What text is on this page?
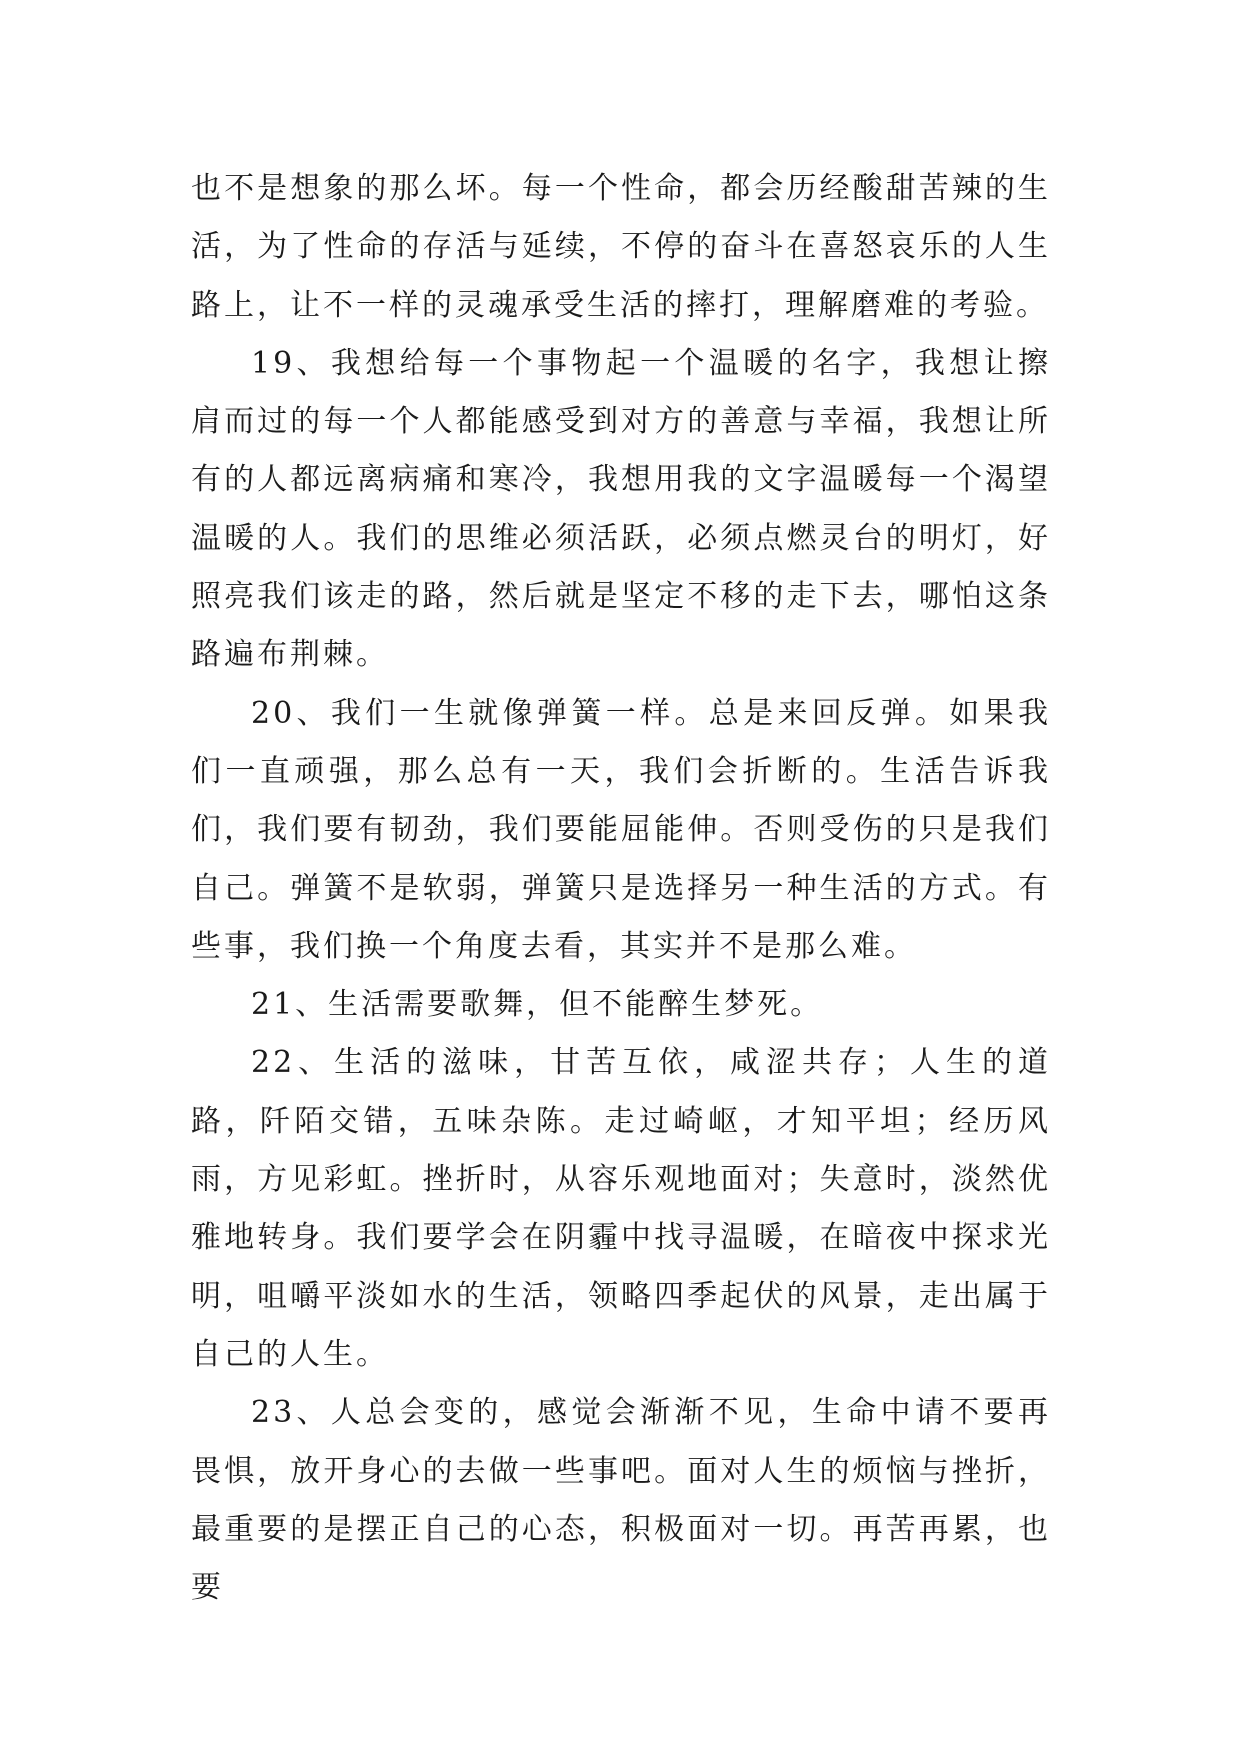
也不是想象的那么坏。每一个性命，都会历经酸甜苦辣的生活，为了性命的存活与延续，不停的奋斗在喜怒哀乐的人生路上，让不一样的灵魂承受生活的摔打，理解磨难的考验。

19、我想给每一个事物起一个温暖的名字，我想让擦肩而过的每一个人都能感受到对方的善意与幸福，我想让所有的人都远离病痛和寒冷，我想用我的文字温暖每一个渴望温暖的人。我们的思维必须活跃，必须点燃灵台的明灯，好照亮我们该走的路，然后就是坚定不移的走下去，哪怕这条路遍布荆棘。

20、我们一生就像弹簧一样。总是来回反弹。如果我们一直顽强，那么总有一天，我们会折断的。生活告诉我们，我们要有韧劲，我们要能屈能伸。否则受伤的只是我们自己。弹簧不是软弱，弹簧只是选择另一种生活的方式。有些事，我们换一个角度去看，其实并不是那么难。

21、生活需要歌舞，但不能醉生梦死。

22、生活的滋味，甘苦互依，咸涩共存；人生的道路，阡陌交错，五味杂陈。走过崎岖，才知平坦；经历风雨，方见彩虹。挫折时，从容乐观地面对；失意时，淡然优雅地转身。我们要学会在阴霾中找寻温暖，在暗夜中探求光明，咀嚼平淡如水的生活，领略四季起伏的风景，走出属于自己的人生。

23、人总会变的，感觉会渐渐不见，生命中请不要再畏惧，放开身心的去做一些事吧。面对人生的烦恼与挫折，最重要的是摆正自己的心态，积极面对一切。再苦再累，也要
